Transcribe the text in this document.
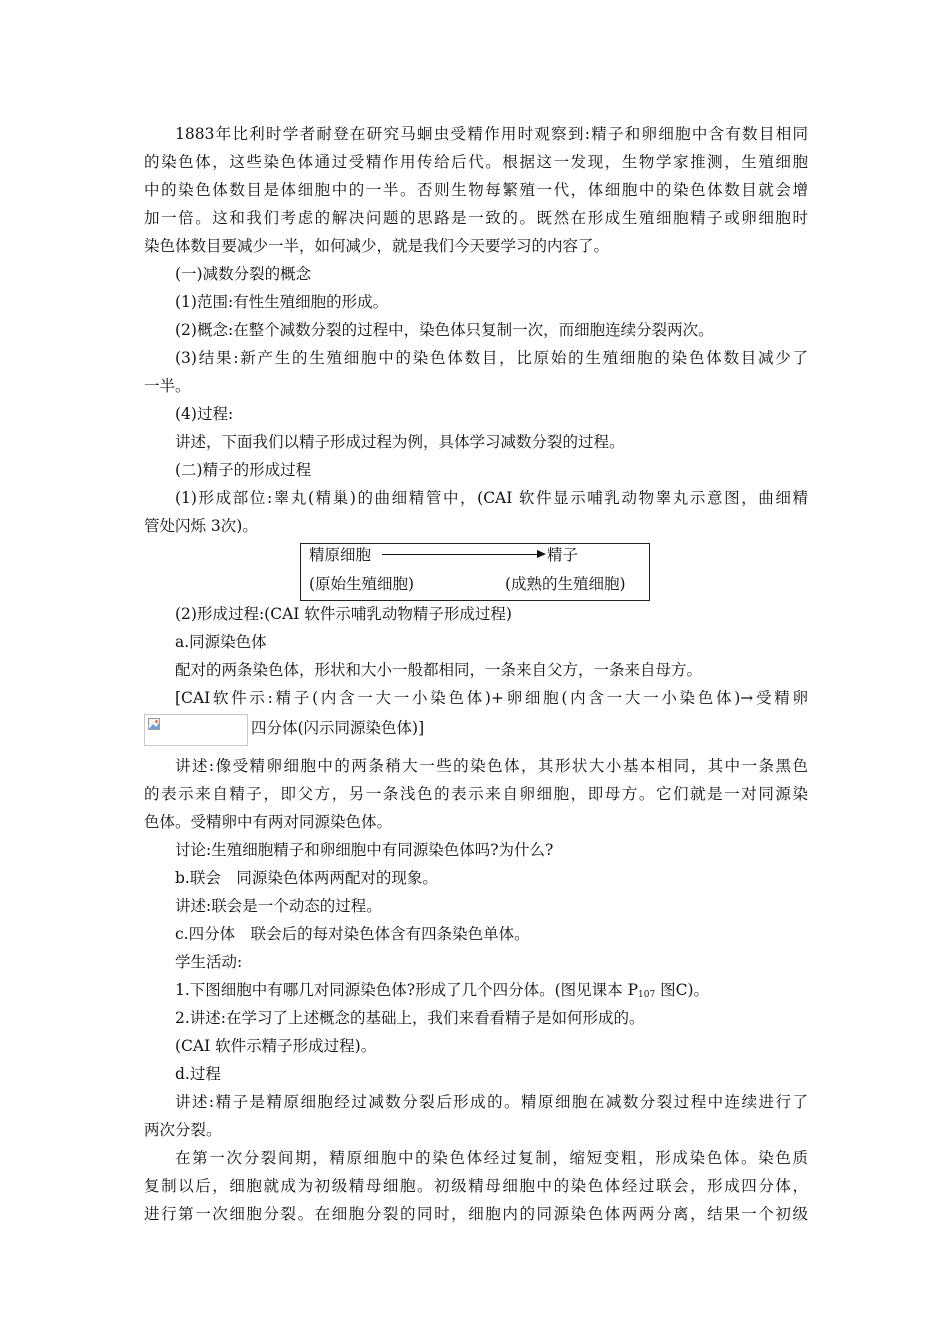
1883年比利时学者耐登在研究马蛔虫受精作用时观察到:精子和卵细胞中含有数目相同
的染色体，这些染色体通过受精作用传给后代。根据这一发现，生物学家推测，生殖细胞
中的染色体数目是体细胞中的一半。否则生物每繁殖一代，体细胞中的染色体数目就会增
加一倍。这和我们考虑的解决问题的思路是一致的。既然在形成生殖细胞精子或卵细胞时
染色体数目要减少一半，如何减少，就是我们今天要学习的内容了。
(一)减数分裂的概念
(1)范围:有性生殖细胞的形成。
(2)概念:在整个减数分裂的过程中，染色体只复制一次，而细胞连续分裂两次。
(3)结果:新产生的生殖细胞中的染色体数目，比原始的生殖细胞的染色体数目减少了
一半。
(4)过程:
讲述，下面我们以精子形成过程为例，具体学习减数分裂的过程。
(二)精子的形成过程
(1)形成部位:睾丸(精巢)的曲细精管中，(CAI 软件显示哺乳动物睾丸示意图，曲细精
管处闪烁 3次)。
(2)形成过程:(CAI 软件示哺乳动物精子形成过程)
a.同源染色体
配对的两条染色体，形状和大小一般都相同，一条来自父方，一条来自母方。
[CAI软件示:精子(内含一大一小染色体)+卵细胞(内含一大一小染色体)→受精卵
四分体(闪示同源染色体)]
讲述:像受精卵细胞中的两条稍大一些的染色体，其形状大小基本相同，其中一条黑色
的表示来自精子，即父方，另一条浅色的表示来自卵细胞，即母方。它们就是一对同源染
色体。受精卵中有两对同源染色体。
讨论:生殖细胞精子和卵细胞中有同源染色体吗?为什么?
b.联会　同源染色体两两配对的现象。
讲述:联会是一个动态的过程。
c.四分体　联会后的每对染色体含有四条染色单体。
学生活动:
1.下图细胞中有哪几对同源染色体?形成了几个四分体。(图见课本 $P_{107}$ 图C)。
2.讲述:在学习了上述概念的基础上，我们来看看精子是如何形成的。
(CAI 软件示精子形成过程)。
d.过程
讲述:精子是精原细胞经过减数分裂后形成的。精原细胞在减数分裂过程中连续进行了
两次分裂。
在第一次分裂间期，精原细胞中的染色体经过复制，缩短变粗，形成染色体。染色质
复制以后，细胞就成为初级精母细胞。初级精母细胞中的染色体经过联会，形成四分体，
进行第一次细胞分裂。在细胞分裂的同时，细胞内的同源染色体两两分离，结果一个初级
精原细胞	精子
(原始生殖细胞)	(成熟的生殖细胞)
